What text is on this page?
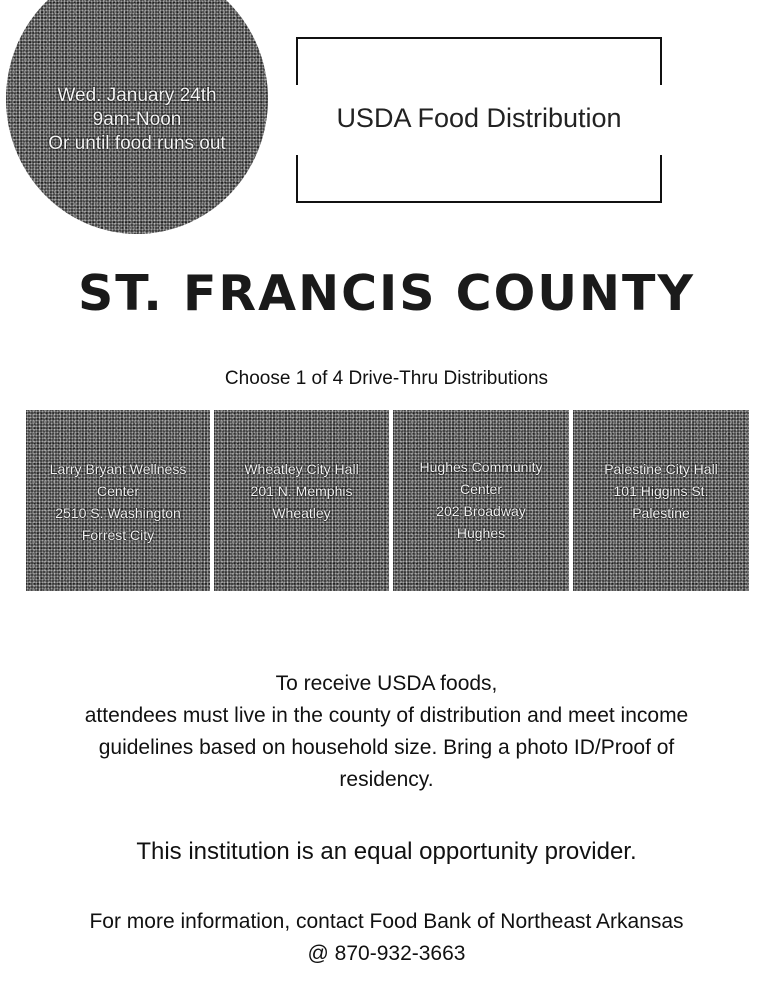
Wed. January 24th
9am-Noon
Or until food runs out
USDA Food Distribution
ST. FRANCIS COUNTY
Choose 1 of 4 Drive-Thru Distributions
Larry Bryant Wellness
Center
2510 S. Washington
Forrest City
Wheatley City Hall
201 N. Memphis
Wheatley
Hughes Community
Center
202 Broadway
Hughes
Palestine City Hall
101 Higgins St.
Palestine
To receive USDA foods,
attendees must live in the county of distribution and meet income
guidelines based on household size. Bring a photo ID/Proof of
residency.
This institution is an equal opportunity provider.
For more information, contact Food Bank of Northeast Arkansas
@ 870-932-3663
